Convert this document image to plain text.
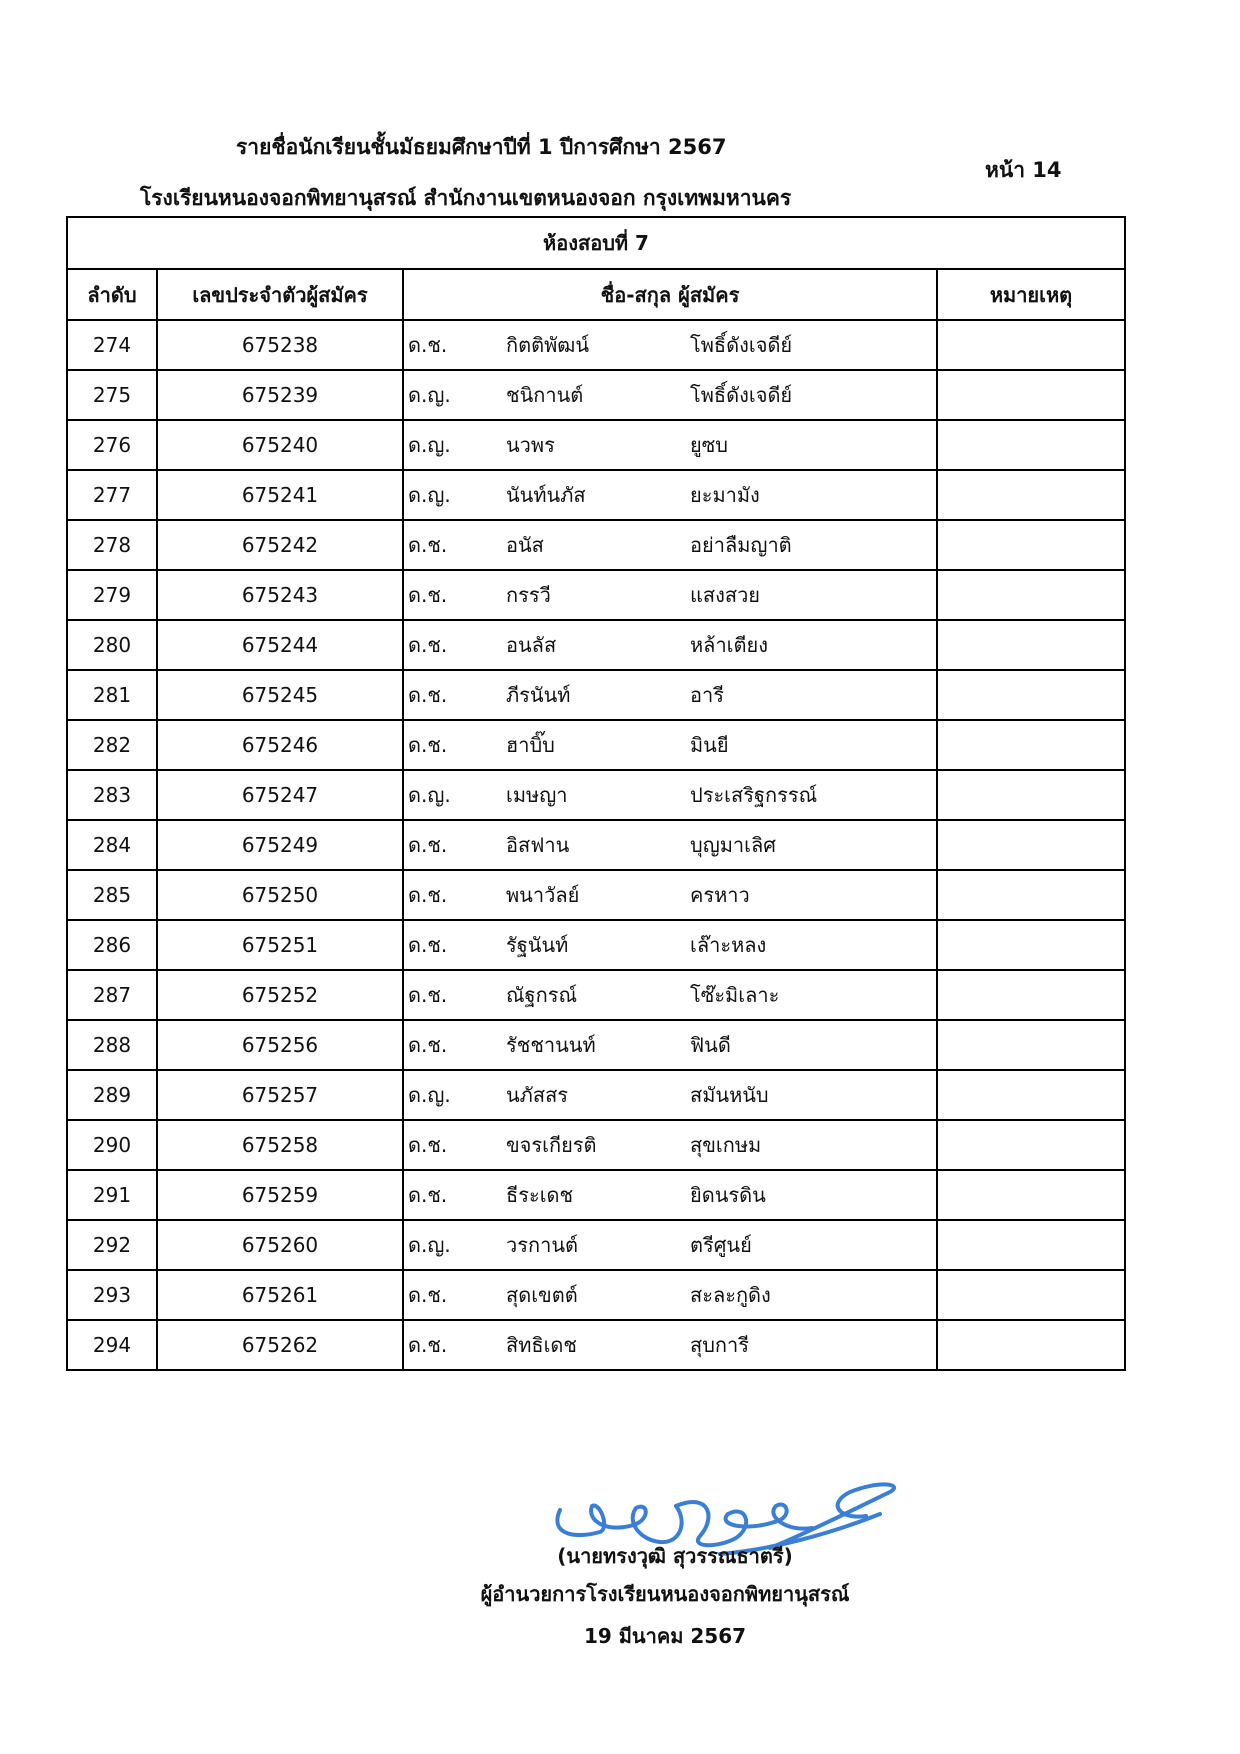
รายชื่อนักเรียนชั้นมัธยมศึกษาปีที่ 1 ปีการศึกษา 2567
หน้า 14
โรงเรียนหนองจอกพิทยานุสรณ์ สำนักงานเขตหนองจอก กรุงเทพมหานคร
ห้องสอบที่ 7			
ลำดับ	เลขประจำตัวผู้สมัคร	ชื่อ-สกุล ผู้สมัคร	หมายเหตุ
274	675238	ด.ช. กิตติพัฒน์ โพธิ์ดังเจดีย์	

275	675239	ด.ญ. ชนิกานต์ โพธิ์ดังเจดีย์	

276	675240	ด.ญ. นวพร ยูซบ	

277	675241	ด.ญ. นันท์นภัส ยะมามัง	

278	675242	ด.ช. อนัส อย่าลืมญาติ	

279	675243	ด.ช. กรรวี แสงสวย	

280	675244	ด.ช. อนลัส หล้าเตียง	

281	675245	ด.ช. ภีรนันท์ อารี	

282	675246	ด.ช. ฮาบิ๊บ มินยี	

283	675247	ด.ญ. เมษญา ประเสริฐกรรณ์	

284	675249	ด.ช. อิสฟาน บุญมาเลิศ	

285	675250	ด.ช. พนาวัลย์ ครหาว	

286	675251	ด.ช. รัฐนันท์ เล๊าะหลง	

287	675252	ด.ช. ณัฐกรณ์ โซ๊ะมิเลาะ	

288	675256	ด.ช. รัชชานนท์ ฟินดี	

289	675257	ด.ญ. นภัสสร สมันหนับ	

290	675258	ด.ช. ขจรเกียรติ สุขเกษม	

291	675259	ด.ช. ธีระเดช ยิดนรดิน	

292	675260	ด.ญ. วรกานต์ ตรีศูนย์	

293	675261	ด.ช. สุดเขตต์ สะละกูดิง	

294	675262	ด.ช. สิทธิเดช สุบการี	

(นายทรงวุฒิ สุวรรณธาตรี)
ผู้อำนวยการโรงเรียนหนองจอกพิทยานุสรณ์
19 มีนาคม 2567
